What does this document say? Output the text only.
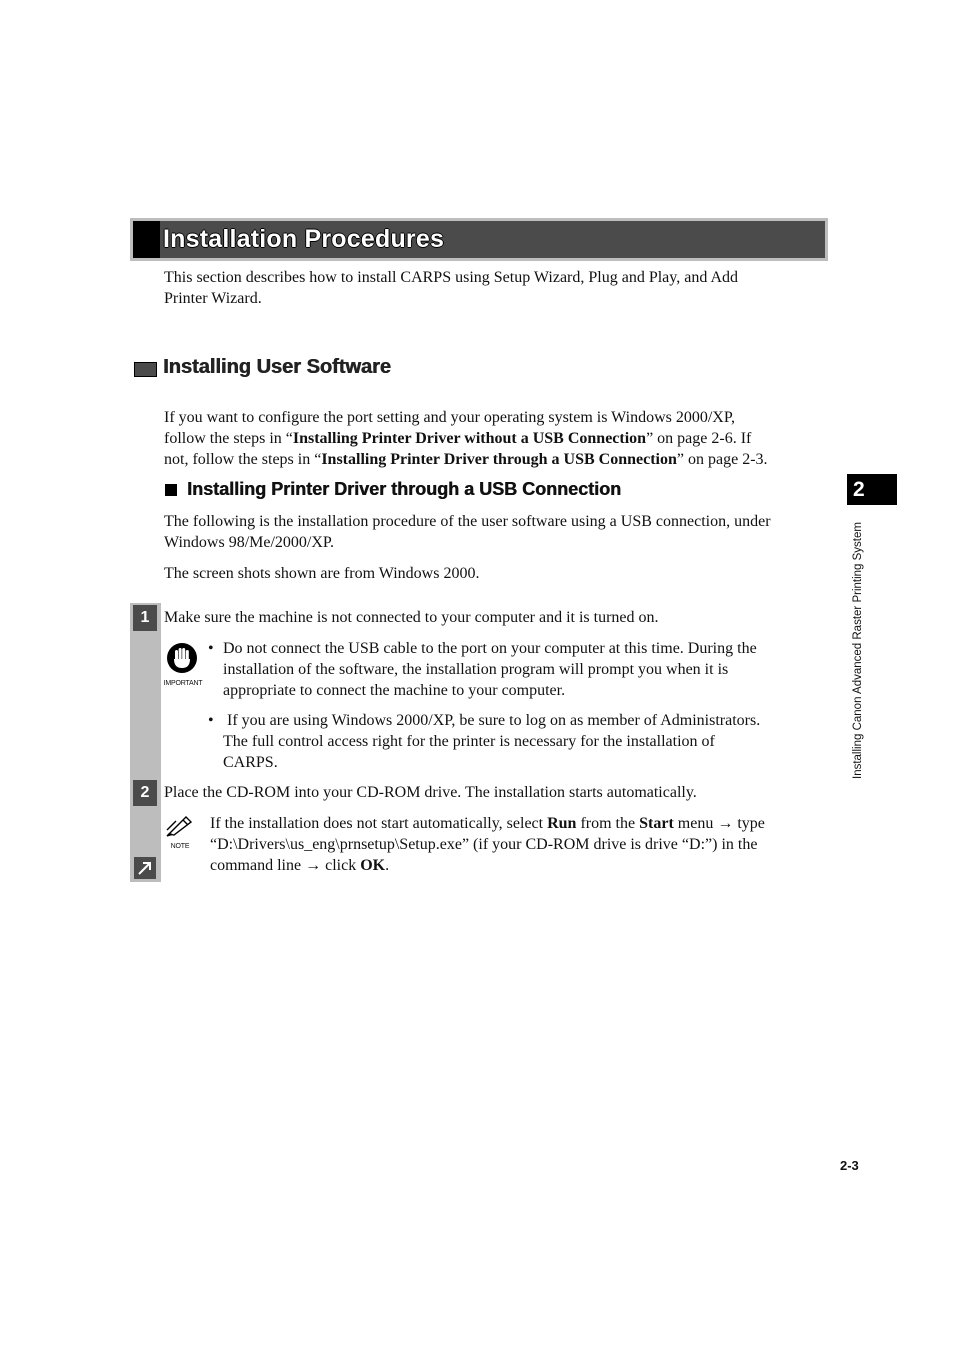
Installation Procedures
This section describes how to install CARPS using Setup Wizard, Plug and Play, and Add
Printer Wizard.
Installing User Software
If you want to configure the port setting and your operating system is Windows 2000/XP,
follow the steps in “Installing Printer Driver without a USB Connection” on page 2-6. If
not, follow the steps in “Installing Printer Driver through a USB Connection” on page 2-3.
Installing Printer Driver through a USB Connection
The following is the installation procedure of the user software using a USB connection, under
Windows 98/Me/2000/XP.
The screen shots shown are from Windows 2000.
1
2
Make sure the machine is not connected to your computer and it is turned on.
IMPORTANT
• Do not connect the USB cable to the port on your computer at this time. During the
installation of the software, the installation program will prompt you when it is
appropriate to connect the machine to your computer.
• If you are using Windows 2000/XP, be sure to log on as member of Administrators.
The full control access right for the printer is necessary for the installation of
CARPS.
Place the CD-ROM into your CD-ROM drive. The installation starts automatically.
NOTE
If the installation does not start automatically, select Run from the Start menu → type
“D:\Drivers\us_eng\prnsetup\Setup.exe” (if your CD-ROM drive is drive “D:”) in the
command line → click OK.
2
Installing Canon Advanced Raster Printing System
2-3
